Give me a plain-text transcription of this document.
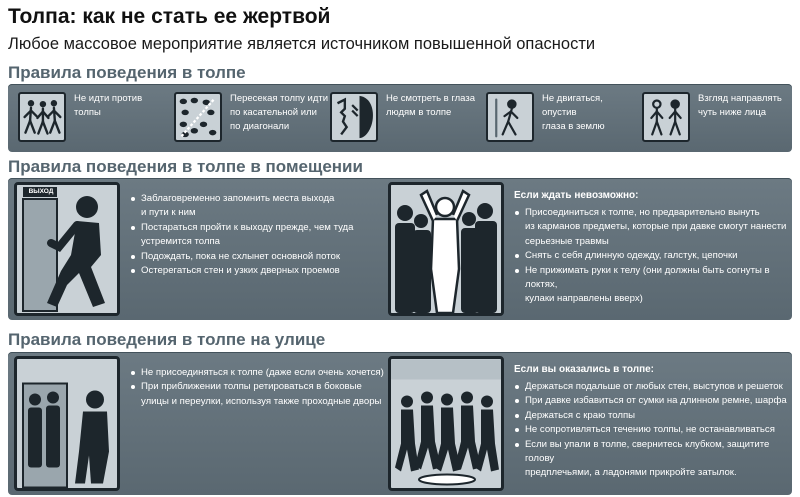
Толпа: как не стать ее жертвой
Любое массовое мероприятие является источником повышенной опасности
Правила поведения в толпе
Не идти против толпы
Пересекая толпу идти
по касательной или
по диагонали
Не смотреть в глаза
людям в толпе
Не двигаться, опустив
глаза в землю
Взгляд направлять
чуть ниже лица
Правила поведения в толпе в помещении
ВЫХОД
Заблаговременно запомнить места выхода
и пути к ним
Постараться пройти к выходу прежде, чем туда
устремится толпа
Подождать, пока не схлынет основной поток
Остерегаться стен и узких дверных проемов
Если ждать невозможно:
Присоединиться к толпе, но предварительно вынуть
из карманов предметы, которые при давке смогут нанести
серьезные травмы
Снять с себя длинную одежду, галстук, цепочки
Не прижимать руки к телу (они должны быть согнуты в локтях,
кулаки направлены вверх)
Правила поведения в толпе на улице
Не присоединяться к толпе (даже если очень хочется)
При приближении толпы ретироваться в боковые
улицы и переулки, используя также проходные дворы
Если вы оказались в толпе:
Держаться подальше от любых стен, выступов и решеток
При давке избавиться от сумки на длинном ремне, шарфа
Держаться с краю толпы
Не сопротивляться течению толпы, не останавливаться
Если вы упали в толпе, свернитесь клубком, защитите голову
предплечьями, а ладонями прикройте затылок.
